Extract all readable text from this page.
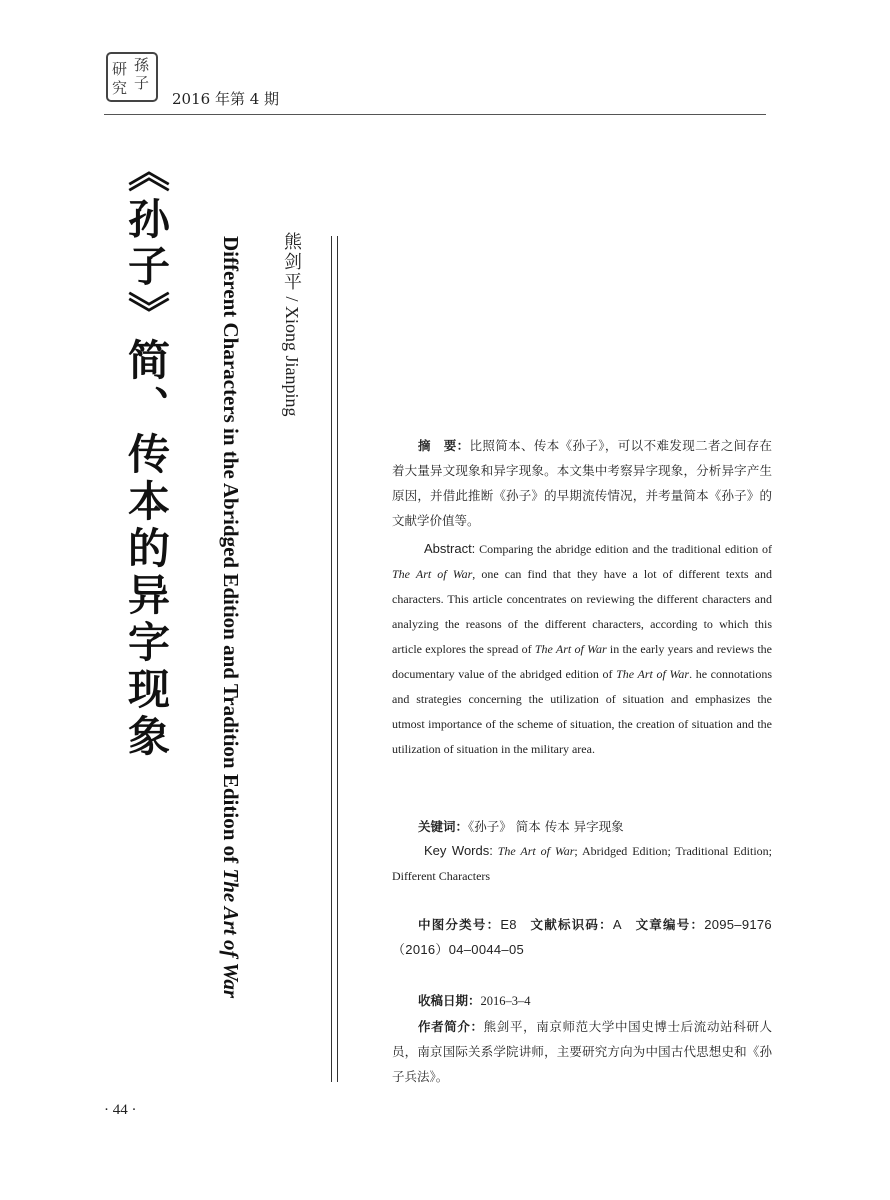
研
究
孫
子
2016 年第 4 期
《孙子》简、传本的异字现象 Different Characters in the Abridged Edition and Tradition Edition of The Art of War
熊剑平 / Xiong Jianping

摘　要：比照简本、传本《孙子》，可以不难发现二者之间存在着大量异文现象和异字现象。本文集中考察异字现象，分析异字产生原因，并借此推断《孙子》的早期流传情况，并考量简本《孙子》的文献学价值等。

Abstract: Comparing the abridge edition and the traditional edition of The Art of War, one can find that they have a lot of different texts and characters. This article concentrates on reviewing the different characters and analyzing the reasons of the different characters, according to which this article explores the spread of The Art of War in the early years and reviews the documentary value of the abridged edition of The Art of War. he connotations and strategies concerning the utilization of situation and emphasizes the utmost importance of the scheme of situation, the creation of situation and the utilization of situation in the military area.

关键词：《孙子》 简本 传本 异字现象

Key Words: The Art of War; Abridged Edition; Traditional Edition; Different Characters

中图分类号：E8  文献标识码：A  文章编号：2095–9176（2016）04–0044–05

收稿日期：2016–3–4

作者简介：熊剑平，南京师范大学中国史博士后流动站科研人员，南京国际关系学院讲师，主要研究方向为中国古代思想史和《孙子兵法》。

· 44 ·
